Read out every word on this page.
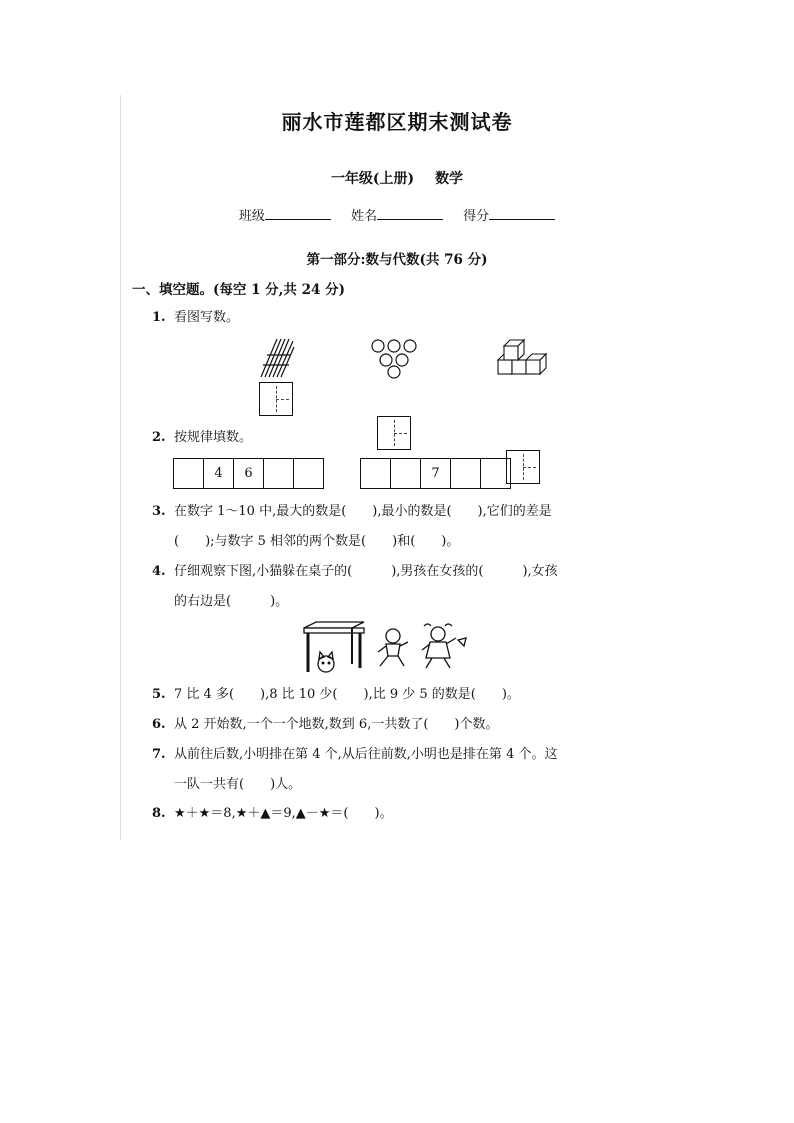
丽水市莲都区期末测试卷
一年级(上册) 数学
班级	姓名	得分
第一部分:数与代数(共 76 分)
一、填空题。(每空 1 分,共 24 分)
1. 看图写数。
2. 按规律填数。
4	6	7
3. 在数字 1～10 中,最大的数是(　　),最小的数是(　　),它们的差是
(　　);与数字 5 相邻的两个数是(　　)和(　　)。
4. 仔细观察下图,小猫躲在桌子的(　　　),男孩在女孩的(　　　),女孩
的右边是(　　　)。
5. 7 比 4 多(　　),8 比 10 少(　　),比 9 少 5 的数是(　　)。
6. 从 2 开始数,一个一个地数,数到 6,一共数了(　　)个数。
7. 从前往后数,小明排在第 4 个,从后往前数,小明也是排在第 4 个。这
一队一共有(　　)人。
8. ★＋★＝8,★＋▲＝9,▲－★＝(　　)。
